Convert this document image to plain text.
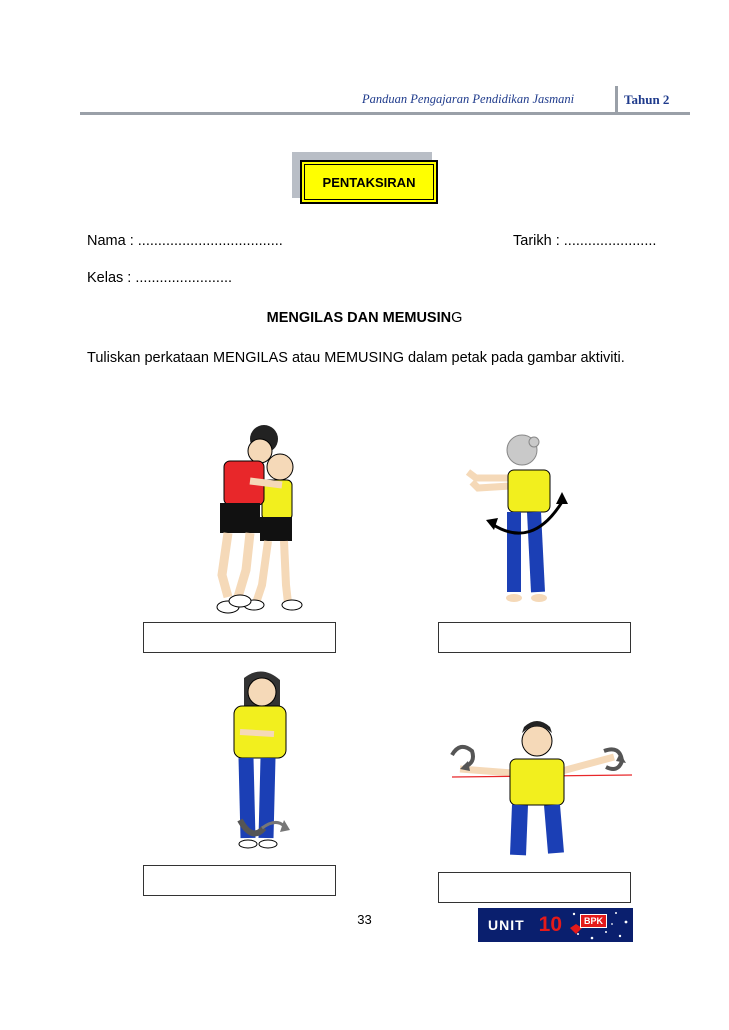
Panduan Pengajaran Pendidikan Jasmani	Tahun 2
PENTAKSIRAN
Nama : ....................................	Tarikh : .......................
Kelas : ........................
MENGILAS DAN MEMUSING
Tuliskan perkataan MENGILAS atau MEMUSING dalam petak pada gambar aktiviti.
33	UNIT 10	BPK
